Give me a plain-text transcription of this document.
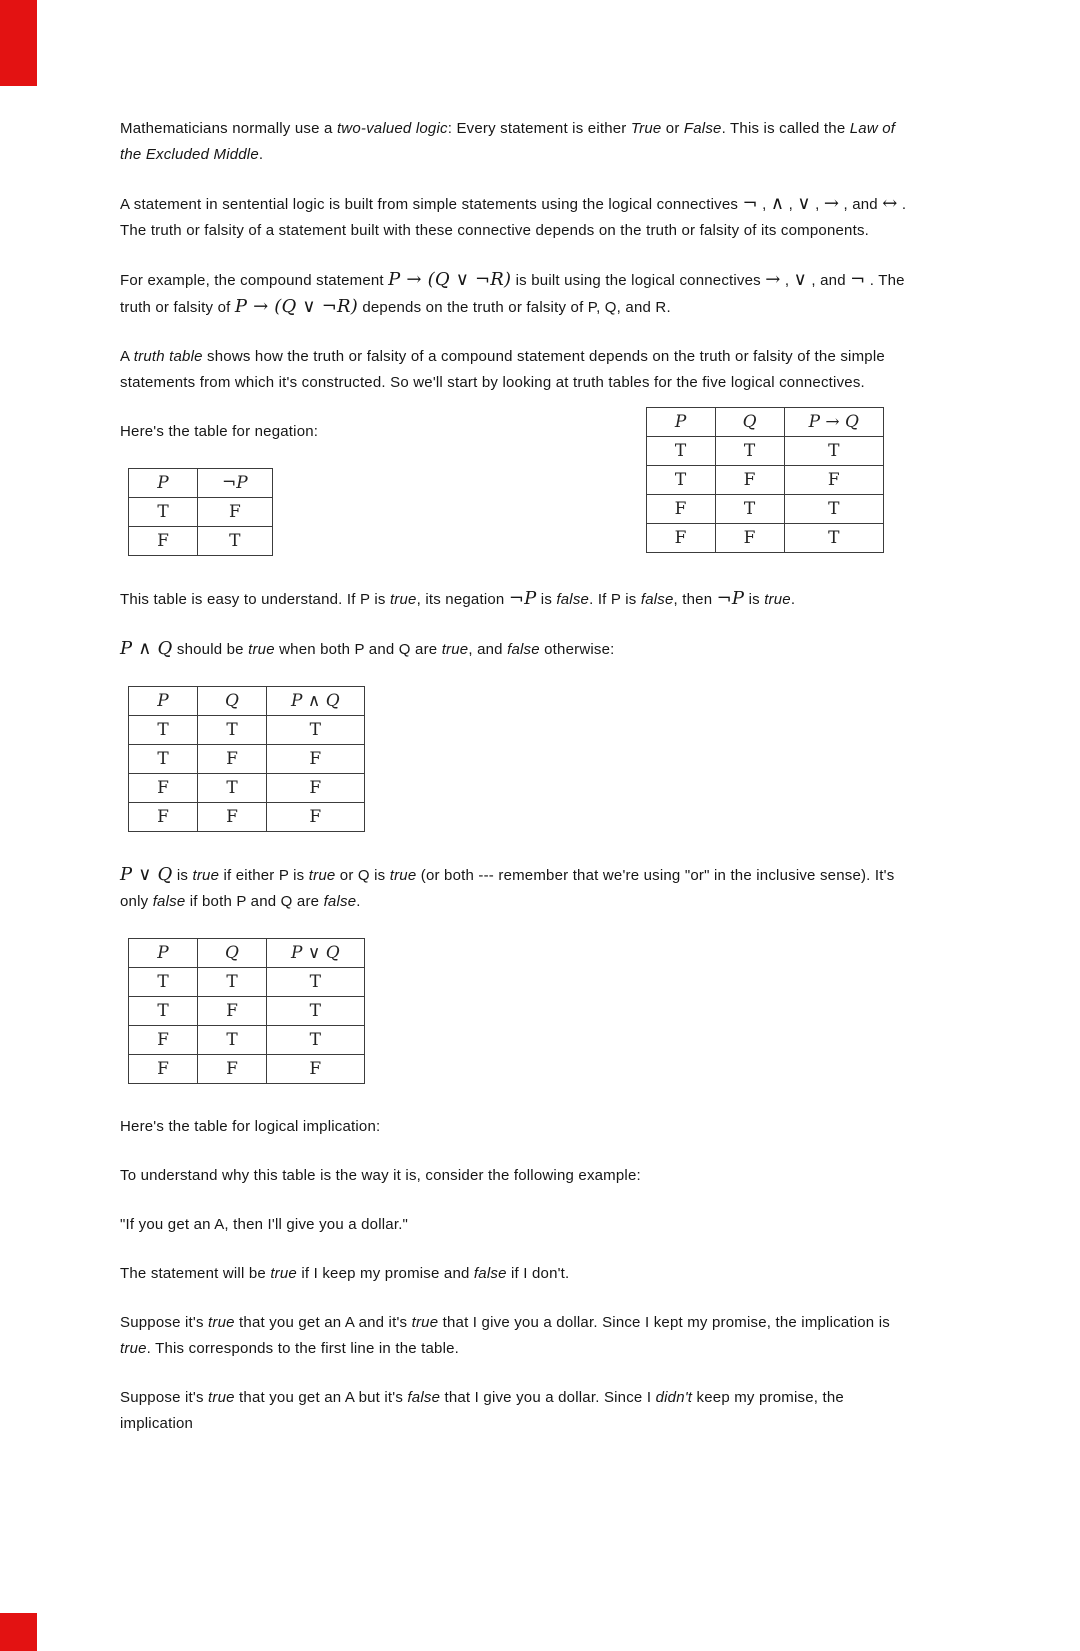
Mathematicians normally use a two-valued logic: Every statement is either True or False. This is called the Law of the Excluded Middle.

A statement in sentential logic is built from simple statements using the logical connectives ¬ , ∧ , ∨ , → , and ↔ . The truth or falsity of a statement built with these connective depends on the truth or falsity of its components.

For example, the compound statement P → (Q ∨ ¬R) is built using the logical connectives → , ∨ , and ¬ . The truth or falsity of P → (Q ∨ ¬R) depends on the truth or falsity of P, Q, and R.

A truth table shows how the truth or falsity of a compound statement depends on the truth or falsity of the simple statements from which it's constructed. So we'll start by looking at truth tables for the five logical connectives.

P	Q	P → Q
T	T	T
T	F	F
F	T	T
F	F	T

Here's the table for negation:

P	¬P
T	F
F	T

This table is easy to understand. If P is true, its negation ¬P is false. If P is false, then ¬P is true.

P ∧ Q should be true when both P and Q are true, and false otherwise:

P	Q	P ∧ Q
T	T	T
T	F	F
F	T	F
F	F	F

P ∨ Q is true if either P is true or Q is true (or both --- remember that we're using "or" in the inclusive sense). It's only false if both P and Q are false.

P	Q	P ∨ Q
T	T	T
T	F	T
F	T	T
F	F	F

Here's the table for logical implication:

To understand why this table is the way it is, consider the following example:

"If you get an A, then I'll give you a dollar."

The statement will be true if I keep my promise and false if I don't.

Suppose it's true that you get an A and it's true that I give you a dollar. Since I kept my promise, the implication is true. This corresponds to the first line in the table.

Suppose it's true that you get an A but it's false that I give you a dollar. Since I didn't keep my promise, the implication
